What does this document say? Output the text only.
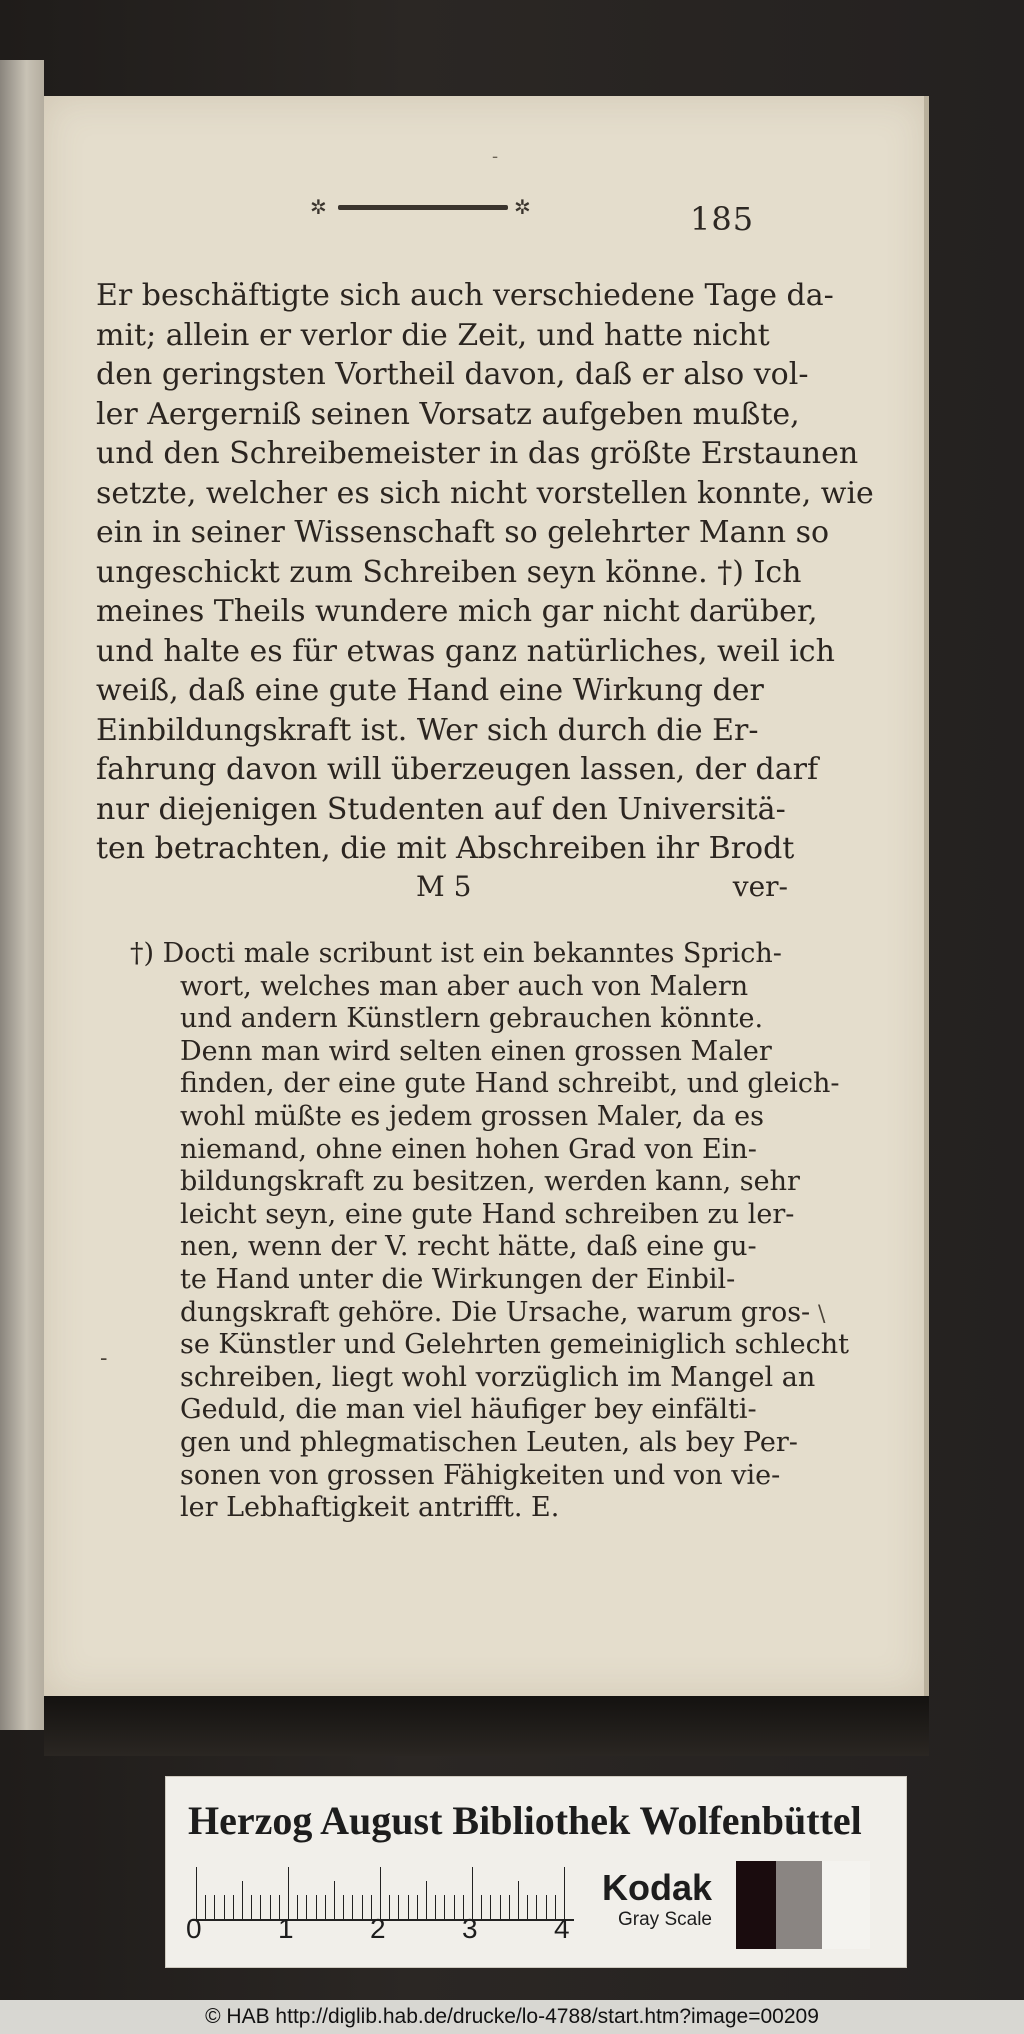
-
✲	✲	185
Er beschäftigte sich auch verschiedene Tage da-
mit; allein er verlor die Zeit, und hatte nicht
den geringsten Vortheil davon, daß er also vol-
ler Aergerniß seinen Vorsatz aufgeben mußte,
und den Schreibemeister in das größte Erstaunen
setzte, welcher es sich nicht vorstellen konnte, wie
ein in seiner Wissenschaft so gelehrter Mann so
ungeschickt zum Schreiben seyn könne. †) Ich
meines Theils wundere mich gar nicht darüber,
und halte es für etwas ganz natürliches, weil ich
weiß, daß eine gute Hand eine Wirkung der
Einbildungskraft ist. Wer sich durch die Er-
fahrung davon will überzeugen lassen, der darf
nur diejenigen Studenten auf den Universitä-
ten betrachten, die mit Abschreiben ihr Brodt
M 5	ver-
†) Docti male scribunt ist ein bekanntes Sprich-
wort, welches man aber auch von Malern
und andern Künstlern gebrauchen könnte.
Denn man wird selten einen grossen Maler
finden, der eine gute Hand schreibt, und gleich-
wohl müßte es jedem grossen Maler, da es
niemand, ohne einen hohen Grad von Ein-
bildungskraft zu besitzen, werden kann, sehr
leicht seyn, eine gute Hand schreiben zu ler-
nen, wenn der V. recht hätte, daß eine gu-
te Hand unter die Wirkungen der Einbil-
dungskraft gehöre. Die Ursache, warum gros-
se Künstler und Gelehrten gemeiniglich schlecht
schreiben, liegt wohl vorzüglich im Mangel an
Geduld, die man viel häufiger bey einfälti-
gen und phlegmatischen Leuten, als bey Per-
sonen von grossen Fähigkeiten und von vie-
ler Lebhaftigkeit antrifft. E.
-
\
Herzog August Bibliothek Wolfenbüttel
0	1	2	3	4
Kodak
Gray Scale
© HAB http://diglib.hab.de/drucke/lo-4788/start.htm?image=00209
